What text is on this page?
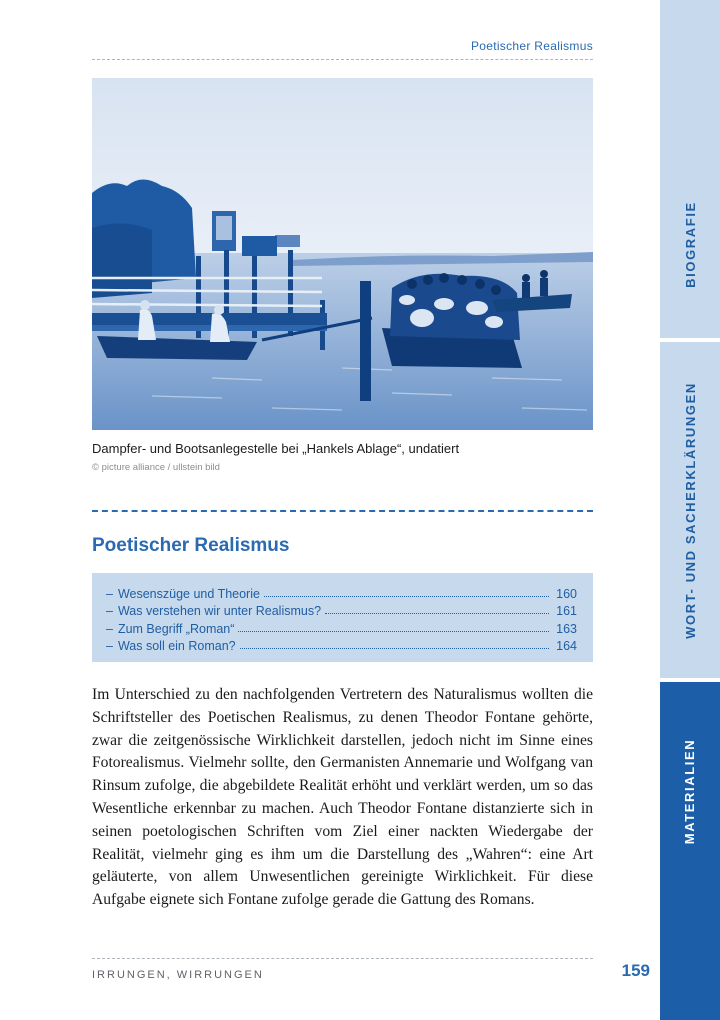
Poetischer Realismus
Dampfer- und Bootsanlegestelle bei „Hankels Ablage“, undatiert
© picture alliance / ullstein bild
Poetischer Realismus
– Wesenszüge und Theorie	160
– Was verstehen wir unter Realismus?	161
– Zum Begriff „Roman“	163
– Was soll ein Roman?	164

Im Unterschied zu den nachfolgenden Vertretern des Naturalismus wollten die Schriftsteller des Poetischen Realismus, zu denen Theodor Fontane gehörte, zwar die zeitgenössische Wirklichkeit darstellen, jedoch nicht im Sinne eines Fotorealismus. Vielmehr sollte, den Germanisten Annemarie und Wolfgang van Rinsum zufolge, die abgebildete Realität erhöht und verklärt werden, um so das Wesentliche erkennbar zu machen. Auch Theodor Fontane distanzierte sich in seinen poetologischen Schriften vom Ziel einer nackten Wiedergabe der Realität, vielmehr ging es ihm um die Darstellung des „Wahren“: eine Art geläuterte, von allem Unwesentlichen gereinigte Wirklichkeit. Für diese Aufgabe eignete sich Fontane zufolge gerade die Gattung des Romans.

IRRUNGEN, WIRRUNGEN	159
BIOGRAFIE
WORT- UND SACHERKLÄRUNGEN
MATERIALIEN
